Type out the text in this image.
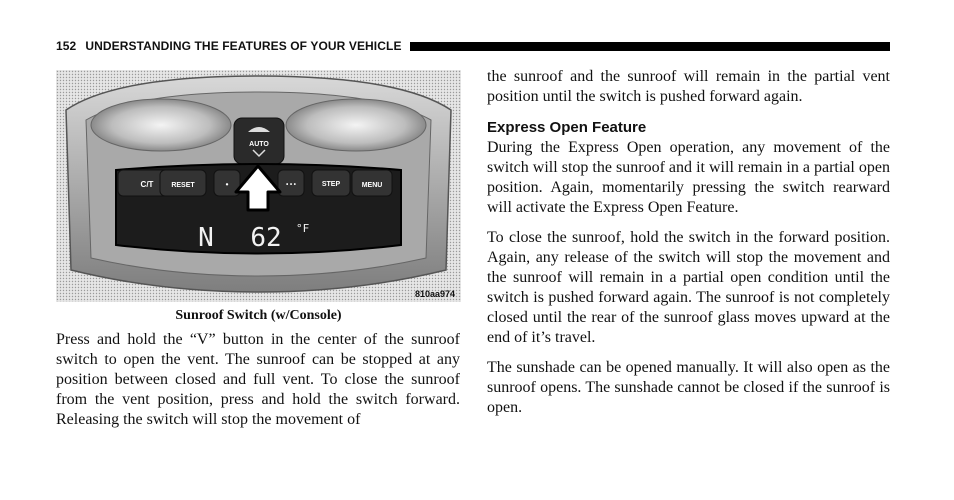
152 UNDERSTANDING THE FEATURES OF YOUR VEHICLE
AUTO
C/T	RESET	•	• • •	STEP	MENU
N 62 °F
810aa974
Sunroof Switch (w/Console)

Press and hold the “V” button in the center of the sunroof switch to open the vent. The sunroof can be stopped at any position between closed and full vent. To close the sunroof from the vent position, press and hold the switch forward. Releasing the switch will stop the movement of

the sunroof and the sunroof will remain in the partial vent position until the switch is pushed forward again.

Express Open Feature

During the Express Open operation, any movement of the switch will stop the sunroof and it will remain in a partial open position. Again, momentarily pressing the switch rearward will activate the Express Open Feature.

To close the sunroof, hold the switch in the forward position. Again, any release of the switch will stop the movement and the sunroof will remain in a partial open condition until the switch is pushed forward again. The sunroof is not completely closed until the rear of the sunroof glass moves upward at the end of it’s travel.

The sunshade can be opened manually. It will also open as the sunroof opens. The sunshade cannot be closed if the sunroof is open.
